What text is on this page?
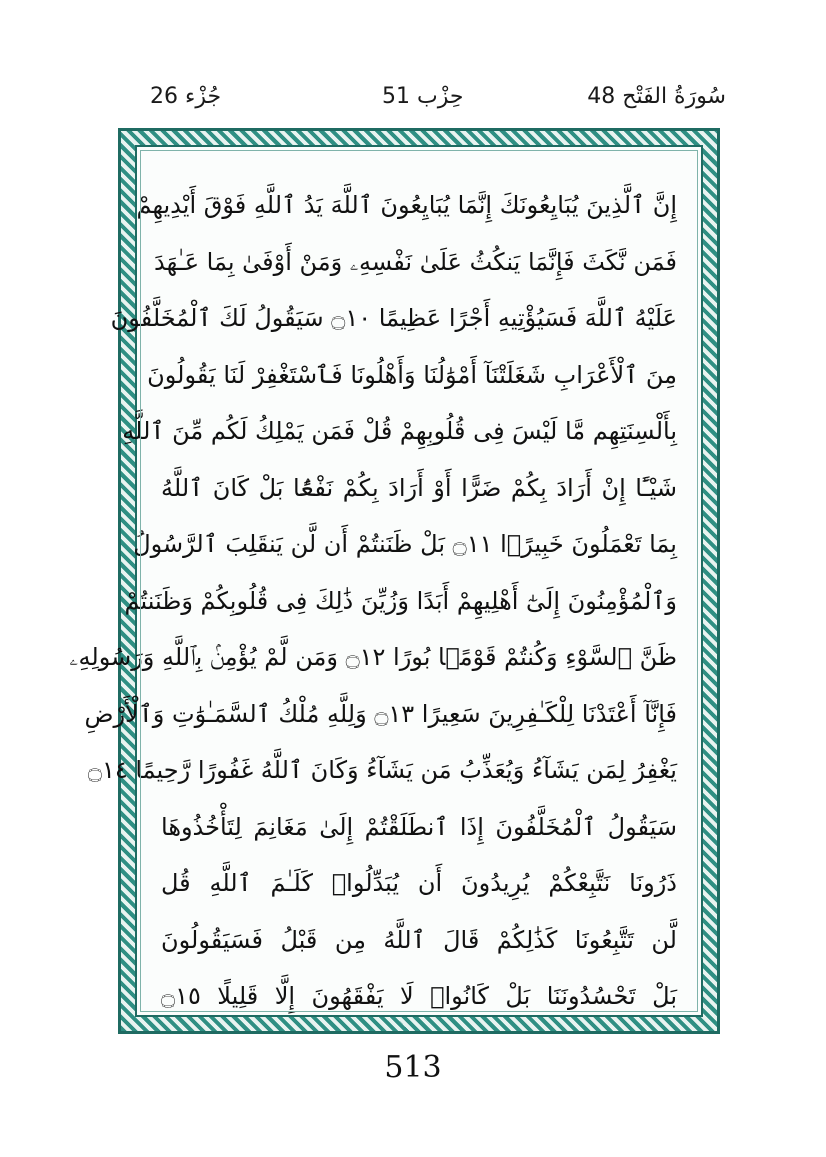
جُزْء 26	حِزْب 51	48 سُورَةُ الفَتْح
إِنَّ ٱلَّذِينَ يُبَايِعُونَكَ إِنَّمَا يُبَايِعُونَ ٱللَّهَ يَدُ ٱللَّهِ فَوْقَ أَيْدِيهِمْ
فَمَن نَّكَثَ فَإِنَّمَا يَنكُثُ عَلَىٰ نَفْسِهِۦ وَمَنْ أَوْفَىٰ بِمَا عَـٰهَدَ
عَلَيْهُ ٱللَّهَ فَسَيُؤْتِيهِ أَجْرًا عَظِيمًا ۝١٠ سَيَقُولُ لَكَ ٱلْمُخَلَّفُونَ
مِنَ ٱلْأَعْرَابِ شَغَلَتْنَآ أَمْوَٰلُنَا وَأَهْلُونَا فَٱسْتَغْفِرْ لَنَا يَقُولُونَ
بِأَلْسِنَتِهِم مَّا لَيْسَ فِى قُلُوبِهِمْ قُلْ فَمَن يَمْلِكُ لَكُم مِّنَ ٱللَّهِ
شَيْـًٔا إِنْ أَرَادَ بِكُمْ ضَرًّا أَوْ أَرَادَ بِكُمْ نَفْعًۢا بَلْ كَانَ ٱللَّهُ
بِمَا تَعْمَلُونَ خَبِيرًۢا ۝١١ بَلْ ظَنَنتُمْ أَن لَّن يَنقَلِبَ ٱلرَّسُولُ
وَٱلْمُؤْمِنُونَ إِلَىٰٓ أَهْلِيهِمْ أَبَدًا وَزُيِّنَ ذَٰلِكَ فِى قُلُوبِكُمْ وَظَنَنتُمْ
ظَنَّ ٱلسَّوْءِ وَكُنتُمْ قَوْمًۢا بُورًا ۝١٢ وَمَن لَّمْ يُؤْمِنۢ بِٱللَّهِ وَرَسُولِهِۦ
فَإِنَّآ أَعْتَدْنَا لِلْكَـٰفِرِينَ سَعِيرًا ۝١٣ وَلِلَّهِ مُلْكُ ٱلسَّمَـٰوَٰتِ وَٱلْأَرْضِ
يَغْفِرُ لِمَن يَشَآءُ وَيُعَذِّبُ مَن يَشَآءُ وَكَانَ ٱللَّهُ غَفُورًا رَّحِيمًا ۝١٤
سَيَقُولُ ٱلْمُخَلَّفُونَ إِذَا ٱنطَلَقْتُمْ إِلَىٰ مَغَانِمَ لِتَأْخُذُوهَا
ذَرُونَا نَتَّبِعْكُمْ يُرِيدُونَ أَن يُبَدِّلُوا۟ كَلَـٰمَ ٱللَّهِ قُل
لَّن تَتَّبِعُونَا كَذَٰلِكُمْ قَالَ ٱللَّهُ مِن قَبْلُ فَسَيَقُولُونَ
بَلْ تَحْسُدُونَنَا بَلْ كَانُوا۟ لَا يَفْقَهُونَ إِلَّا قَلِيلًا ۝١٥
513
